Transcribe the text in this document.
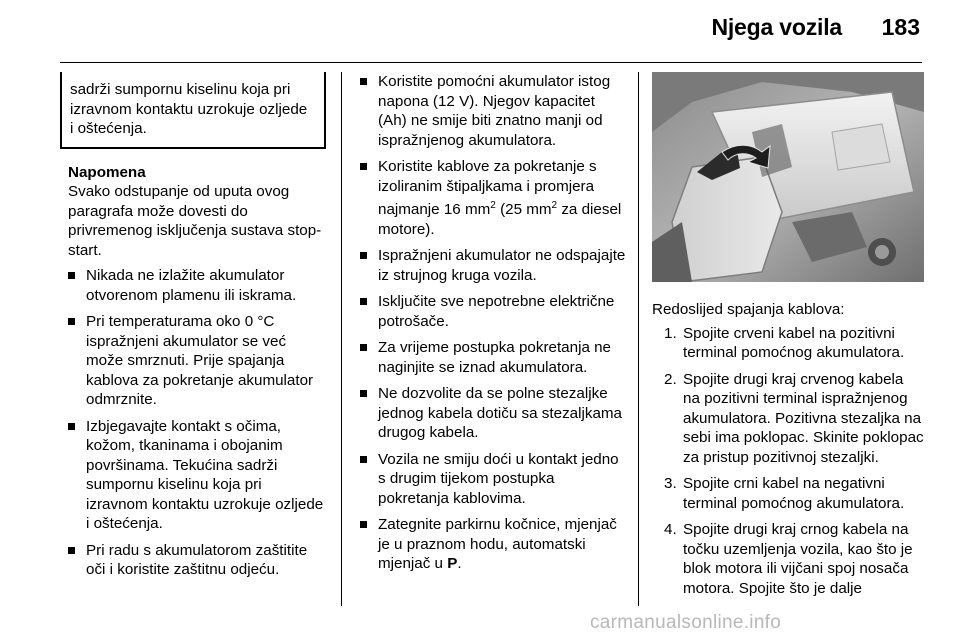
Njega vozila 183
sadrži sumpornu kiselinu koja pri izravnom kontaktu uzrokuje ozljede i oštećenja.
Napomena
Svako odstupanje od uputa ovog paragrafa može dovesti do privremenog isključenja sustava stop-start.
Nikada ne izlažite akumulator otvorenom plamenu ili iskrama.
Pri temperaturama oko 0 °C ispražnjeni akumulator se već može smrznuti. Prije spajanja kablova za pokretanje akumulator odmrznite.
Izbjegavajte kontakt s očima, kožom, tkaninama i obojanim površinama. Tekućina sadrži sumpornu kiselinu koja pri izravnom kontaktu uzrokuje ozljede i oštećenja.
Pri radu s akumulatorom zaštitite oči i koristite zaštitnu odjeću.
Koristite pomoćni akumulator istog napona (12 V). Njegov kapacitet (Ah) ne smije biti znatno manji od ispražnjenog akumulatora.
Koristite kablove za pokretanje s izoliranim štipaljkama i promjera najmanje 16 $mm^2$ (25 $mm^2$ za diesel motore).
Ispražnjeni akumulator ne odspajajte iz strujnog kruga vozila.
Isključite sve nepotrebne električne potrošače.
Za vrijeme postupka pokretanja ne naginjite se iznad akumulatora.
Ne dozvolite da se polne stezaljke jednog kabela dotiču sa stezaljkama drugog kabela.
Vozila ne smiju doći u kontakt jedno s drugim tijekom postupka pokretanja kablovima.
Zategnite parkirnu kočnice, mjenjač je u praznom hodu, automatski mjenjač u P.
Redoslijed spajanja kablova:
1. Spojite crveni kabel na pozitivni terminal pomoćnog akumulatora.
2. Spojite drugi kraj crvenog kabela na pozitivni terminal ispražnjenog akumulatora. Pozitivna stezaljka na sebi ima poklopac. Skinite poklopac za pristup pozitivnoj stezaljki.
3. Spojite crni kabel na negativni terminal pomoćnog akumulatora.
4. Spojite drugi kraj crnog kabela na točku uzemljenja vozila, kao što je blok motora ili vijčani spoj nosača motora. Spojite što je dalje
carmanualsonline.info
